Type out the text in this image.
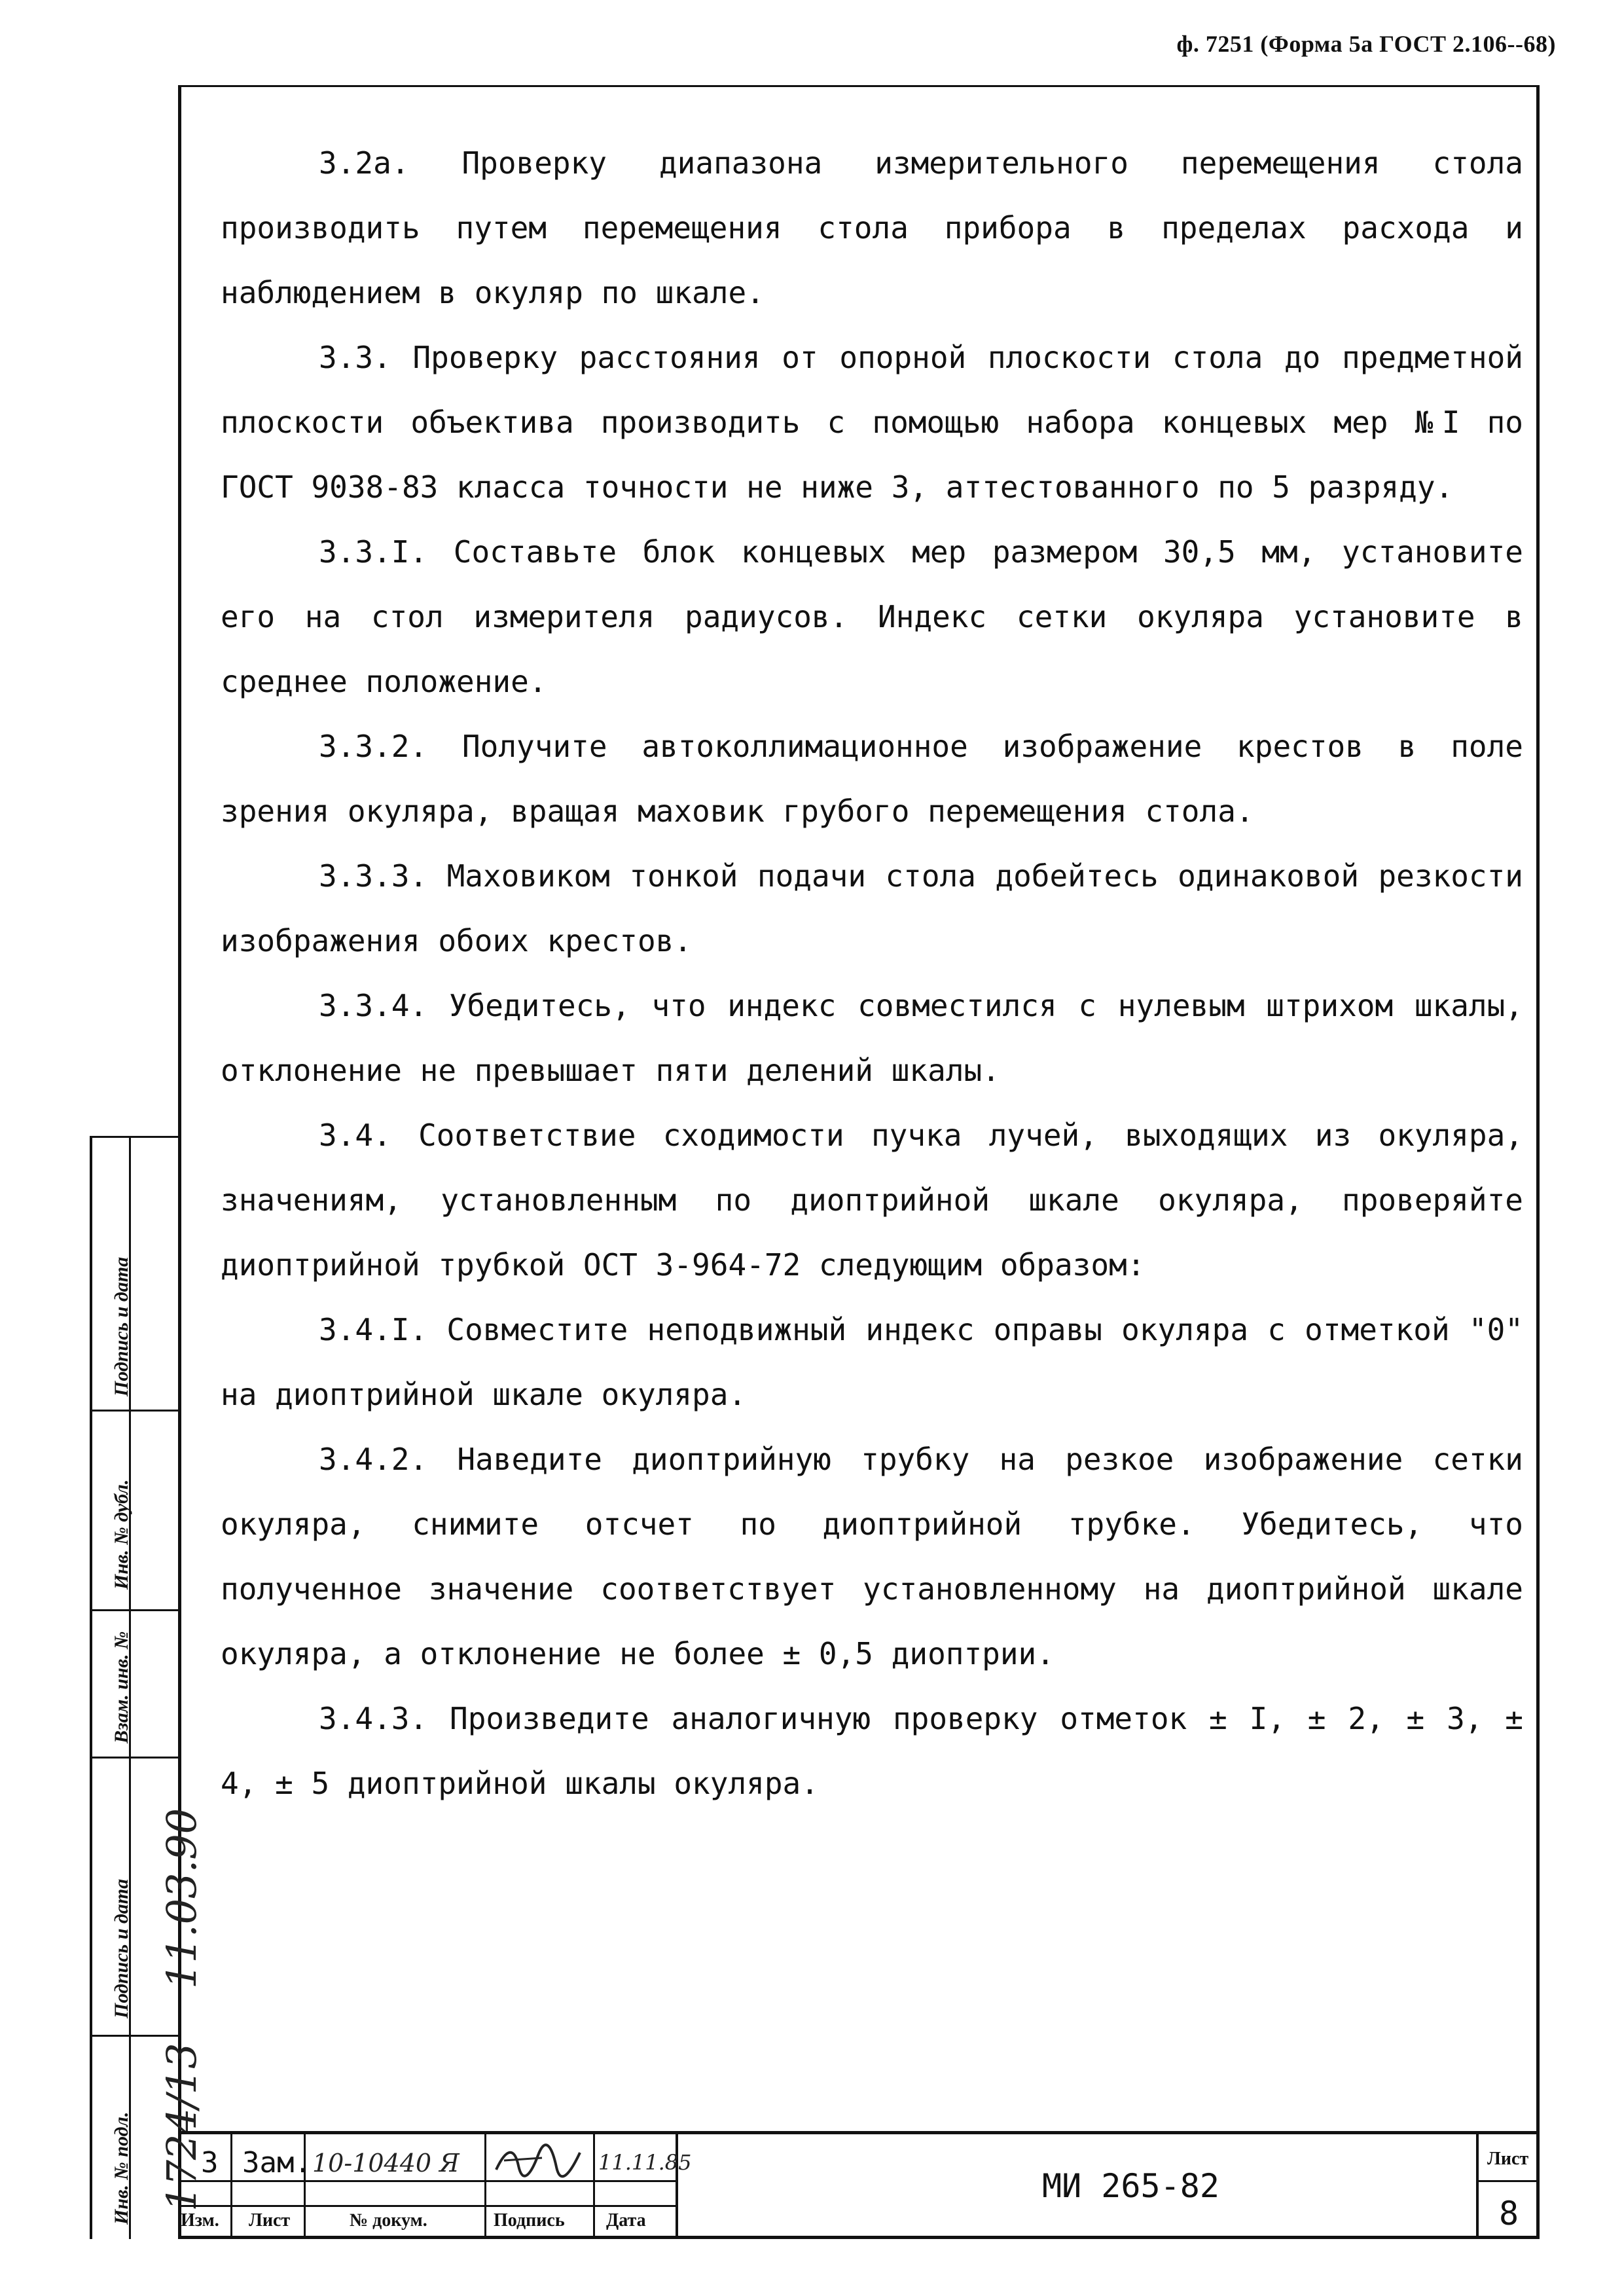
ф. 7251 (Форма 5а ГОСТ 2.106--68)

3.2а. Проверку диапазона измерительного перемещения стола производить путем перемещения стола прибора в пределах расхода и наблюдением в окуляр по шкале.

3.3. Проверку расстояния от опорной плоскости стола до предметной плоскости объектива производить с помощью набора концевых мер №I по ГОСТ 9038-83 класса точности не ниже 3, аттестованного по 5 разряду.

3.3.I. Составьте блок концевых мер размером 30,5 мм, установите его на стол измерителя радиусов. Индекс сетки окуляра установите в среднее положение.

3.3.2. Получите автоколлимационное изображение крестов в поле зрения окуляра, вращая маховик грубого перемещения стола.

3.3.3. Маховиком тонкой подачи стола добейтесь одинаковой резкости изображения обоих крестов.

3.3.4. Убедитесь, что индекс совместился с нулевым штрихом шкалы, отклонение не превышает пяти делений шкалы.

3.4. Соответствие сходимости пучка лучей, выходящих из окуляра, значениям, установленным по диоптрийной шкале окуляра, проверяйте диоптрийной трубкой ОСТ 3-964-72 следующим образом:

3.4.I. Совместите неподвижный индекс оправы окуляра с отметкой "0" на диоптрийной шкале окуляра.

3.4.2. Наведите диоптрийную трубку на резкое изображение сетки окуляра, снимите отсчет по диоптрийной трубке. Убедитесь, что полученное значение соответствует установленному на диоптрийной шкале окуляра, а отклонение не более ± 0,5 диоптрии.

3.4.3. Произведите аналогичную проверку отметок ± I, ± 2, ± 3, ± 4, ± 5 диоптрийной шкалы окуляра.

Подпись и дата
Инв. № дубл.
Взам. инв. №
Подпись и дата
Инв. № подл.
11.03.90
1724/13
3 Зам. 10-10440 Я	11.11.85
Изм. Лист	№ докум.	Подпись Дата
МИ 265-82
Лист
8
